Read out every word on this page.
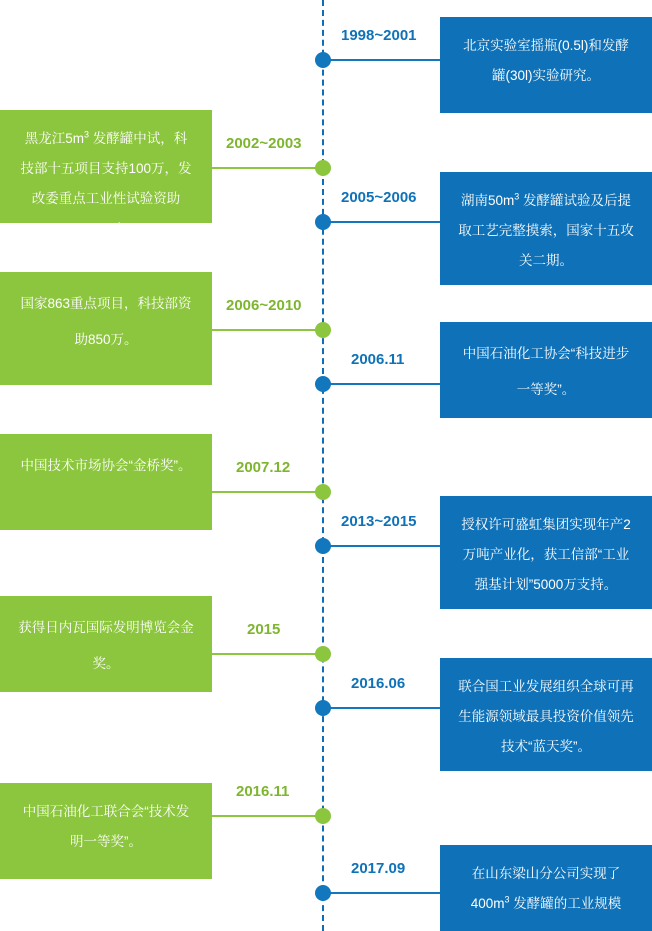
1998~2001
北京实验室摇瓶(0.5l)和发酵罐(30l)实验研究。
2002~2003
黑龙江$5m^3$ 发酵罐中试，科技部十五项目支持100万，发改委重点工业性试验资助1500万。
2005~2006	湖南$50m^3$ 发酵罐试验及后提取工艺完整摸索，国家十五攻关二期。
2006~2010
国家863重点项目，科技部资助850万。
2006.11	中国石油化工协会“科技进步一等奖”。
2007.12
中国技术市场协会“金桥奖”。
2013~2015	授权许可盛虹集团实现年产2万吨产业化，获工信部“工业强基计划”5000万支持。
2015
获得日内瓦国际发明博览会金奖。
2016.06	联合国工业发展组织全球可再生能源领域最具投资价值领先技术“蓝天奖”。
2016.11
中国石油化工联合会“技术发明一等奖”。
2017.09	在山东梁山分公司实现了$400m^3$ 发酵罐的工业规模
